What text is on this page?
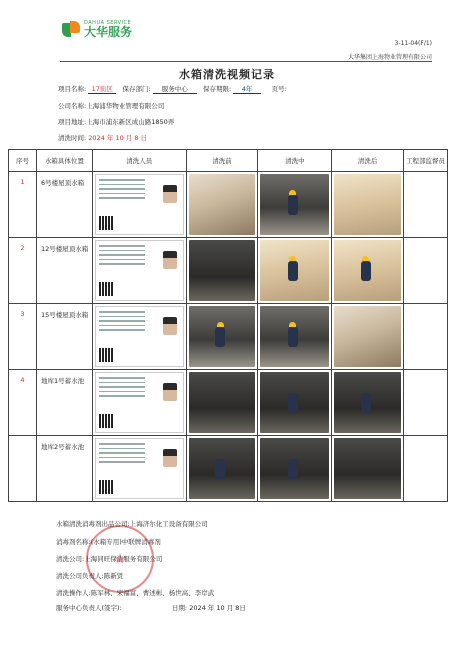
DAHUA SERVICE
大华服务
3-11-04(F/1)
大华集团上海物业管理有限公司
水箱清洗视频记录
项目名称: 17街区 保存部门: 服务中心 保存期限: 4年	页号:
公司名称:上海浦华物业管理有限公司
项目地址:上海市浦东新区成山路1850弄
清洗时间: 2024 年 10 月 8 日
序号	水箱具体位置	清洗人员	清洗前	清洗中	清洗后	工程部监督员
1	6号楼屋顶水箱	

2	12号楼屋顶水箱	

3	15号楼屋顶水箱	

4	地库1号蓄水池	

	地库2号蓄水池	

水箱清洗消毒剂出品公司:上海济尔化工设备有限公司
消毒剂名称:(水箱专用)中联牌消毒剂
清洗公司:上海同旺保洁服务有限公司
清洗公司负责人:陈新贤
清洗操作人:陈军林、宋福富、曹述彬、杨世高、李岸武
服务中心负责人(签字):	日期: 2024 年 10 月 8日
